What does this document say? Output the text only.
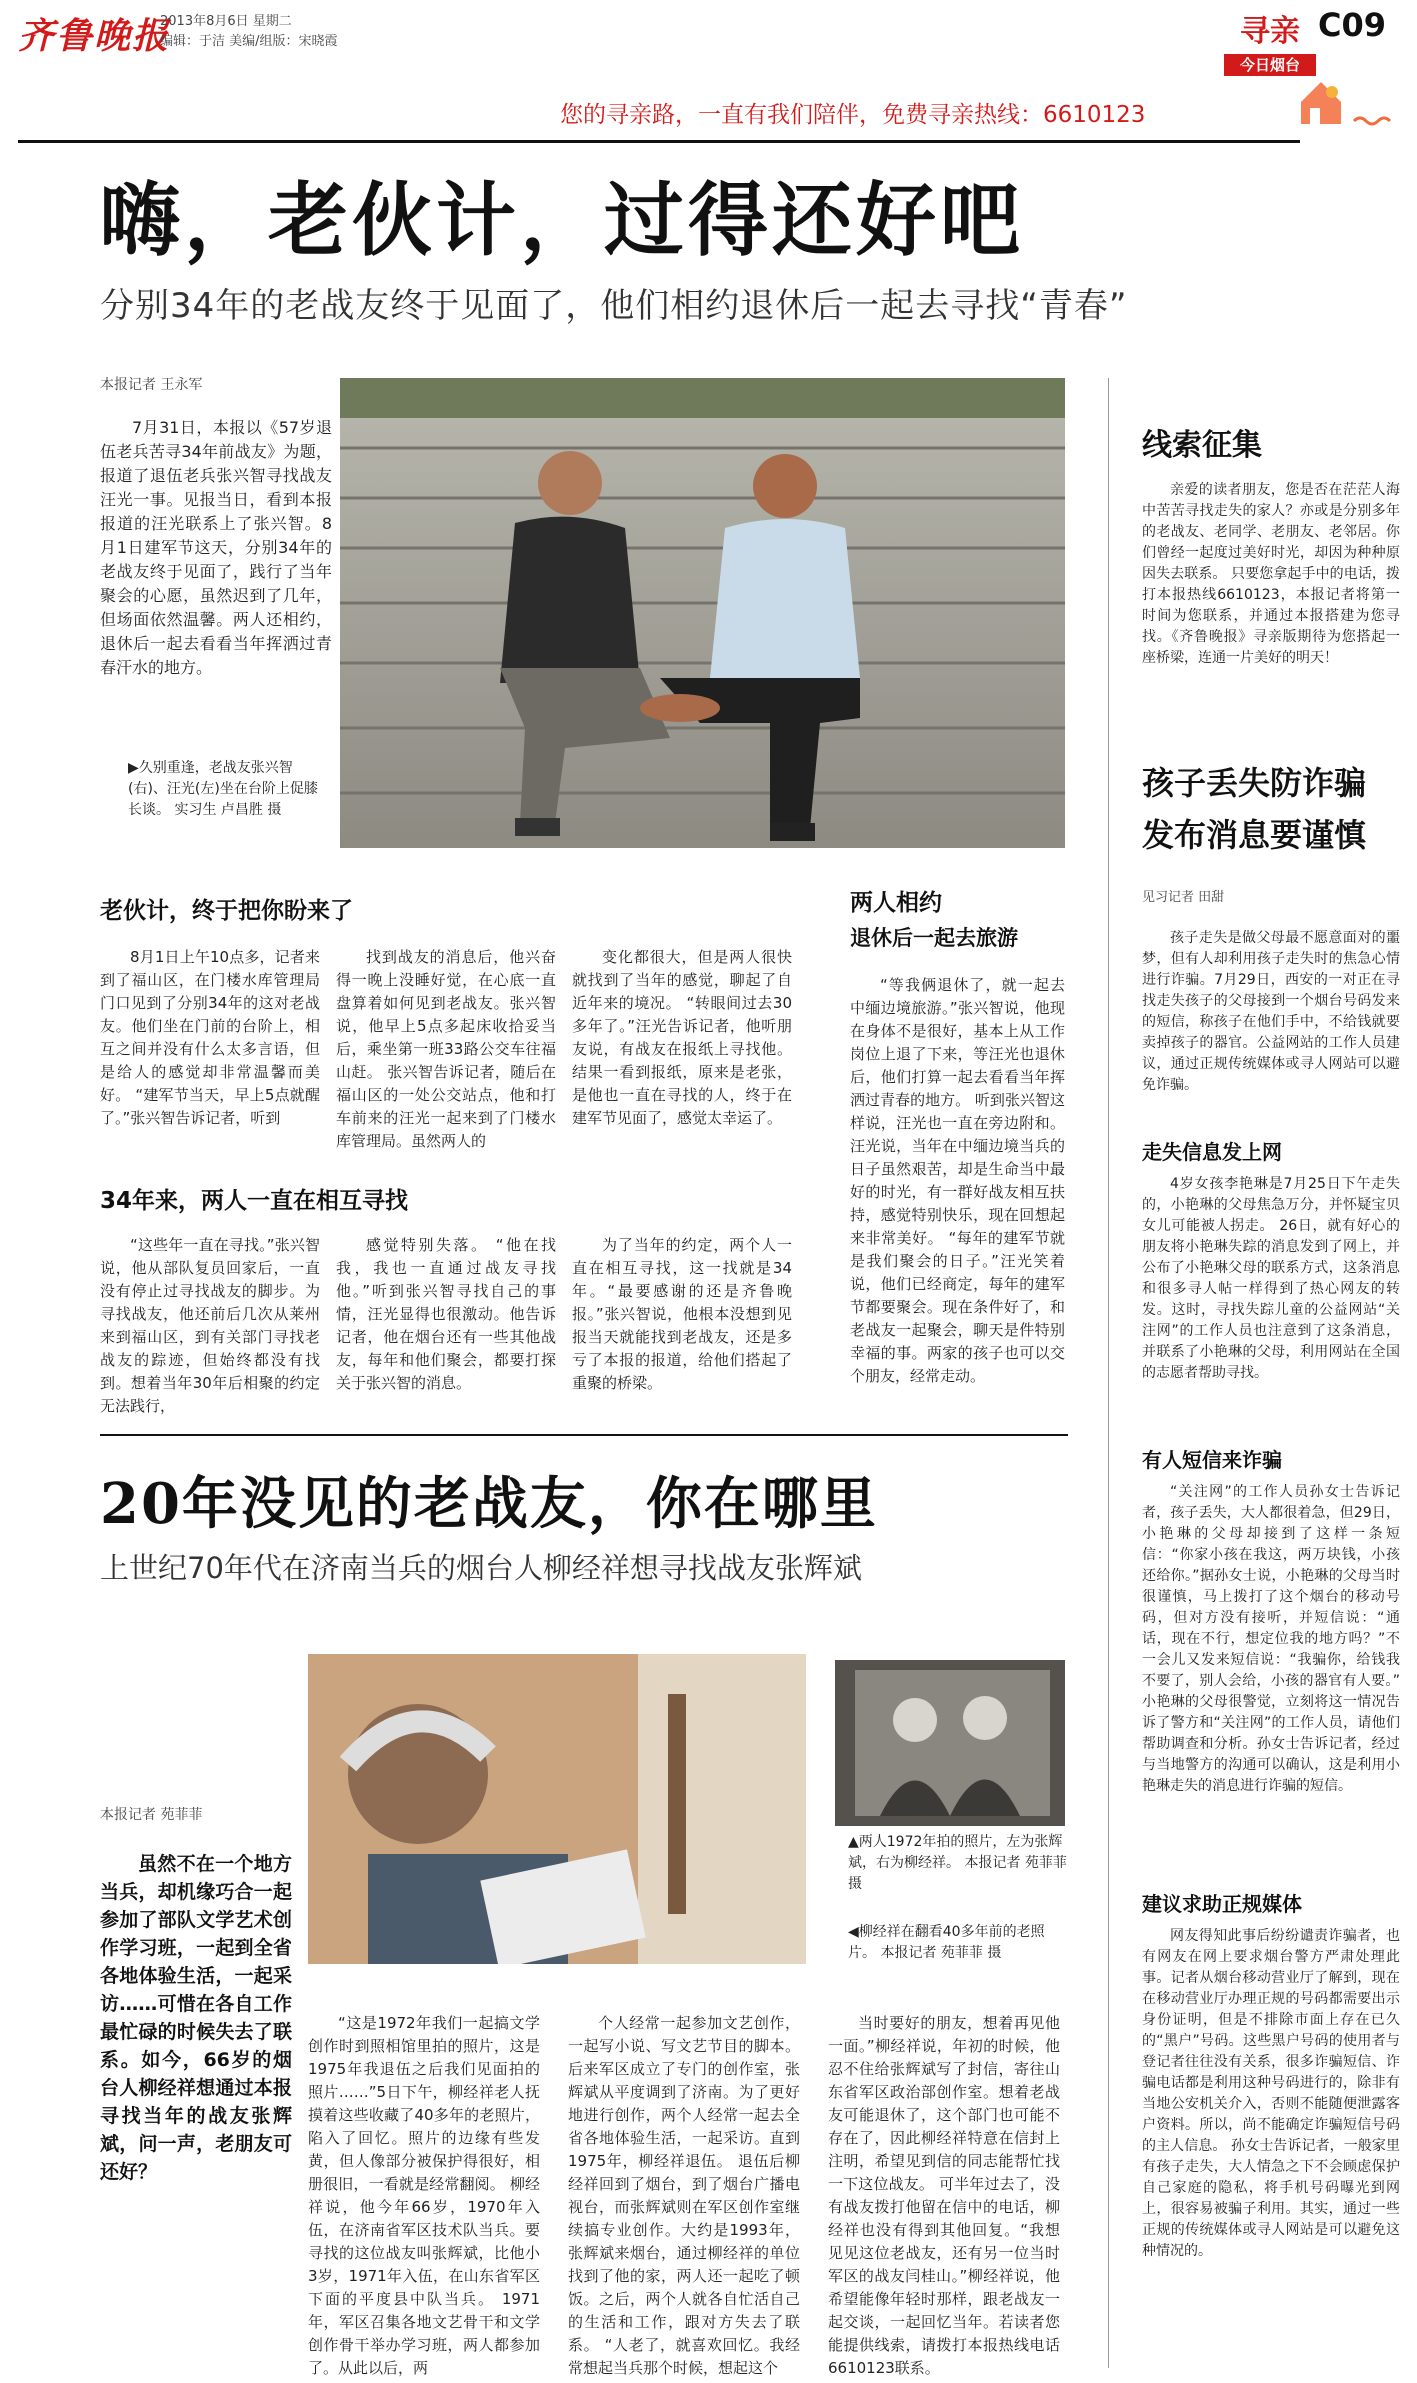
齐鲁晚报
2013年8月6日 星期二
编辑：于洁 美编/组版：宋晓霞	寻亲 C09
今日烟台
您的寻亲路，一直有我们陪伴，免费寻亲热线：6610123
嗨，老伙计，过得还好吧
分别34年的老战友终于见面了，他们相约退休后一起去寻找“青春”
本报记者 王永军

7月31日，本报以《57岁退伍老兵苦寻34年前战友》为题，报道了退伍老兵张兴智寻找战友汪光一事。见报当日，看到本报报道的汪光联系上了张兴智。8月1日建军节这天，分别34年的老战友终于见面了，践行了当年聚会的心愿，虽然迟到了几年，但场面依然温馨。两人还相约，退休后一起去看看当年挥洒过青春汗水的地方。

▶久别重逢，老战友张兴智(右)、汪光(左)坐在台阶上促膝长谈。 实习生 卢昌胜 摄
老伙计，终于把你盼来了

8月1日上午10点多，记者来到了福山区，在门楼水库管理局门口见到了分别34年的这对老战友。他们坐在门前的台阶上，相互之间并没有什么太多言语，但是给人的感觉却非常温馨而美好。 “建军节当天，早上5点就醒了。”张兴智告诉记者，听到

找到战友的消息后，他兴奋得一晚上没睡好觉，在心底一直盘算着如何见到老战友。张兴智说，他早上5点多起床收拾妥当后，乘坐第一班33路公交车往福山赶。 张兴智告诉记者，随后在福山区的一处公交站点，他和打车前来的汪光一起来到了门楼水库管理局。虽然两人的

变化都很大，但是两人很快就找到了当年的感觉，聊起了自近年来的境况。 “转眼间过去30多年了。”汪光告诉记者，他听朋友说，有战友在报纸上寻找他。结果一看到报纸，原来是老张，是他也一直在寻找的人，终于在建军节见面了，感觉太幸运了。

34年来，两人一直在相互寻找

“这些年一直在寻找。”张兴智说，他从部队复员回家后，一直没有停止过寻找战友的脚步。为寻找战友，他还前后几次从莱州来到福山区，到有关部门寻找老战友的踪迹，但始终都没有找到。想着当年30年后相聚的约定无法践行，

感觉特别失落。 “他在找我，我也一直通过战友寻找他。”听到张兴智寻找自己的事情，汪光显得也很激动。他告诉记者，他在烟台还有一些其他战友，每年和他们聚会，都要打探关于张兴智的消息。

为了当年的约定，两个人一直在相互寻找，这一找就是34年。“最要感谢的还是齐鲁晚报。”张兴智说，他根本没想到见报当天就能找到老战友，还是多亏了本报的报道，给他们搭起了重聚的桥梁。

两人相约
退休后一起去旅游

“等我俩退休了，就一起去中缅边境旅游。”张兴智说，他现在身体不是很好，基本上从工作岗位上退了下来，等汪光也退休后，他们打算一起去看看当年挥洒过青春的地方。 听到张兴智这样说，汪光也一直在旁边附和。汪光说，当年在中缅边境当兵的日子虽然艰苦，却是生命当中最好的时光，有一群好战友相互扶持，感觉特别快乐，现在回想起来非常美好。 “每年的建军节就是我们聚会的日子。”汪光笑着说，他们已经商定，每年的建军节都要聚会。现在条件好了，和老战友一起聚会，聊天是件特别幸福的事。两家的孩子也可以交个朋友，经常走动。

20年没见的老战友，你在哪里
上世纪70年代在济南当兵的烟台人柳经祥想寻找战友张辉斌
▲两人1972年拍的照片，左为张辉斌，右为柳经祥。 本报记者 苑菲菲 摄
◀柳经祥在翻看40多年前的老照片。 本报记者 苑菲菲 摄
本报记者 苑菲菲

虽然不在一个地方当兵，却机缘巧合一起参加了部队文学艺术创作学习班，一起到全省各地体验生活，一起采访……可惜在各自工作最忙碌的时候失去了联系。如今，66岁的烟台人柳经祥想通过本报寻找当年的战友张辉斌，问一声，老朋友可还好？

“这是1972年我们一起搞文学创作时到照相馆里拍的照片，这是1975年我退伍之后我们见面拍的照片……”5日下午，柳经祥老人抚摸着这些收藏了40多年的老照片，陷入了回忆。照片的边缘有些发黄，但人像部分被保护得很好，相册很旧，一看就是经常翻阅。 柳经祥说，他今年66岁，1970年入伍，在济南省军区技术队当兵。要寻找的这位战友叫张辉斌，比他小3岁，1971年入伍，在山东省军区下面的平度县中队当兵。 1971年，军区召集各地文艺骨干和文学创作骨干举办学习班，两人都参加了。从此以后，两

个人经常一起参加文艺创作，一起写小说、写文艺节目的脚本。后来军区成立了专门的创作室，张辉斌从平度调到了济南。为了更好地进行创作，两个人经常一起去全省各地体验生活，一起采访。直到1975年，柳经祥退伍。 退伍后柳经祥回到了烟台，到了烟台广播电视台，而张辉斌则在军区创作室继续搞专业创作。大约是1993年，张辉斌来烟台，通过柳经祥的单位找到了他的家，两人还一起吃了顿饭。之后，两个人就各自忙活自己的生活和工作，跟对方失去了联系。 “人老了，就喜欢回忆。我经常想起当兵那个时候，想起这个

当时要好的朋友，想着再见他一面。”柳经祥说，年初的时候，他忍不住给张辉斌写了封信，寄往山东省军区政治部创作室。想着老战友可能退休了，这个部门也可能不存在了，因此柳经祥特意在信封上注明，希望见到信的同志能帮忙找一下这位战友。 可半年过去了，没有战友拨打他留在信中的电话，柳经祥也没有得到其他回复。“我想见见这位老战友，还有另一位当时军区的战友闫桂山。”柳经祥说，他希望能像年轻时那样，跟老战友一起交谈，一起回忆当年。若读者您能提供线索，请拨打本报热线电话6610123联系。

线索征集

亲爱的读者朋友，您是否在茫茫人海中苦苦寻找走失的家人？亦或是分别多年的老战友、老同学、老朋友、老邻居。你们曾经一起度过美好时光，却因为种种原因失去联系。 只要您拿起手中的电话，拨打本报热线6610123，本报记者将第一时间为您联系，并通过本报搭建为您寻找。《齐鲁晚报》寻亲版期待为您搭起一座桥梁，连通一片美好的明天！

孩子丢失防诈骗
发布消息要谨慎
见习记者 田甜

孩子走失是做父母最不愿意面对的噩梦，但有人却利用孩子走失时的焦急心情进行诈骗。7月29日，西安的一对正在寻找走失孩子的父母接到一个烟台号码发来的短信，称孩子在他们手中，不给钱就要卖掉孩子的器官。公益网站的工作人员建议，通过正规传统媒体或寻人网站可以避免诈骗。

走失信息发上网

4岁女孩李艳琳是7月25日下午走失的，小艳琳的父母焦急万分，并怀疑宝贝女儿可能被人拐走。 26日，就有好心的朋友将小艳琳失踪的消息发到了网上，并公布了小艳琳父母的联系方式，这条消息和很多寻人帖一样得到了热心网友的转发。这时，寻找失踪儿童的公益网站“关注网”的工作人员也注意到了这条消息，并联系了小艳琳的父母，利用网站在全国的志愿者帮助寻找。

有人短信来诈骗

“关注网”的工作人员孙女士告诉记者，孩子丢失，大人都很着急，但29日，小艳琳的父母却接到了这样一条短信：“你家小孩在我这，两万块钱，小孩还给你。”据孙女士说，小艳琳的父母当时很谨慎，马上拨打了这个烟台的移动号码，但对方没有接听，并短信说：“通话，现在不行，想定位我的地方吗？”不一会儿又发来短信说：“我骗你，给钱我不要了，别人会给，小孩的器官有人要。” 小艳琳的父母很警觉，立刻将这一情况告诉了警方和“关注网”的工作人员，请他们帮助调查和分析。孙女士告诉记者，经过与当地警方的沟通可以确认，这是利用小艳琳走失的消息进行诈骗的短信。

建议求助正规媒体

网友得知此事后纷纷谴责诈骗者，也有网友在网上要求烟台警方严肃处理此事。记者从烟台移动营业厅了解到，现在在移动营业厅办理正规的号码都需要出示身份证明，但是不排除市面上存在已久的“黑户”号码。这些黑户号码的使用者与登记者往往没有关系，很多诈骗短信、诈骗电话都是利用这种号码进行的，除非有当地公安机关介入，否则不能随便泄露客户资料。所以，尚不能确定诈骗短信号码的主人信息。 孙女士告诉记者，一般家里有孩子走失，大人情急之下不会顾虑保护自己家庭的隐私，将手机号码曝光到网上，很容易被骗子利用。其实，通过一些正规的传统媒体或寻人网站是可以避免这种情况的。
